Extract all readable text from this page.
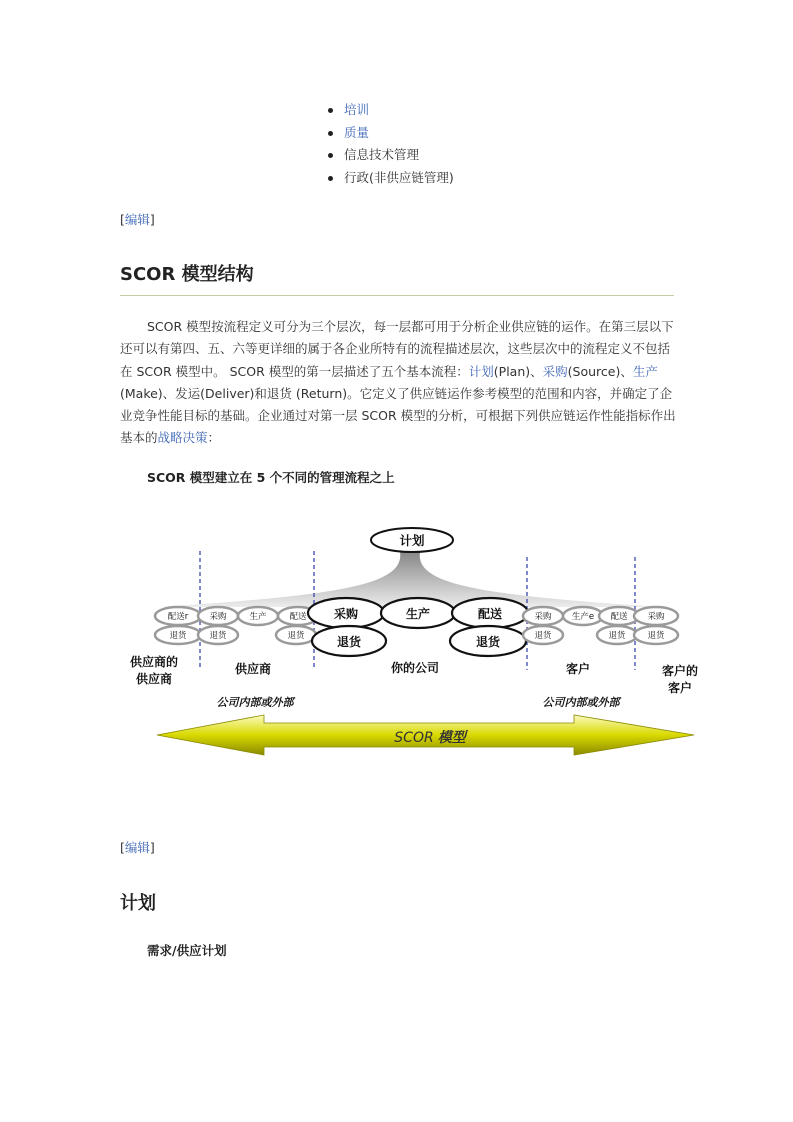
培训
质量
信息技术管理
行政(非供应链管理)
[编辑]
SCOR 模型结构

SCOR 模型按流程定义可分为三个层次，每一层都可用于分析企业供应链的运作。在第三层以下还可以有第四、五、六等更详细的属于各企业所特有的流程描述层次，这些层次中的流程定义不包括在 SCOR 模型中。 SCOR 模型的第一层描述了五个基本流程：计划(Plan)、采购(Source)、生产(Make)、发运(Deliver)和退货 (Return)。它定义了供应链运作参考模型的范围和内容，并确定了企业竞争性能目标的基础。企业通过对第一层 SCOR 模型的分析，可根据下列供应链运作性能指标作出基本的战略决策：

SCOR 模型建立在 5 个不同的管理流程之上
计划
配送r
退货
采购
退货
生产	配送
退货
采购
退货
生产	配送
退货
采购
退货
生产e 配送
退货
采购
退货
供应商的
供应商
供应商	你的公司	客户	客户的
客户
公司内部或外部	公司内部或外部
SCOR 模型
[编辑]
计划
需求/供应计划
